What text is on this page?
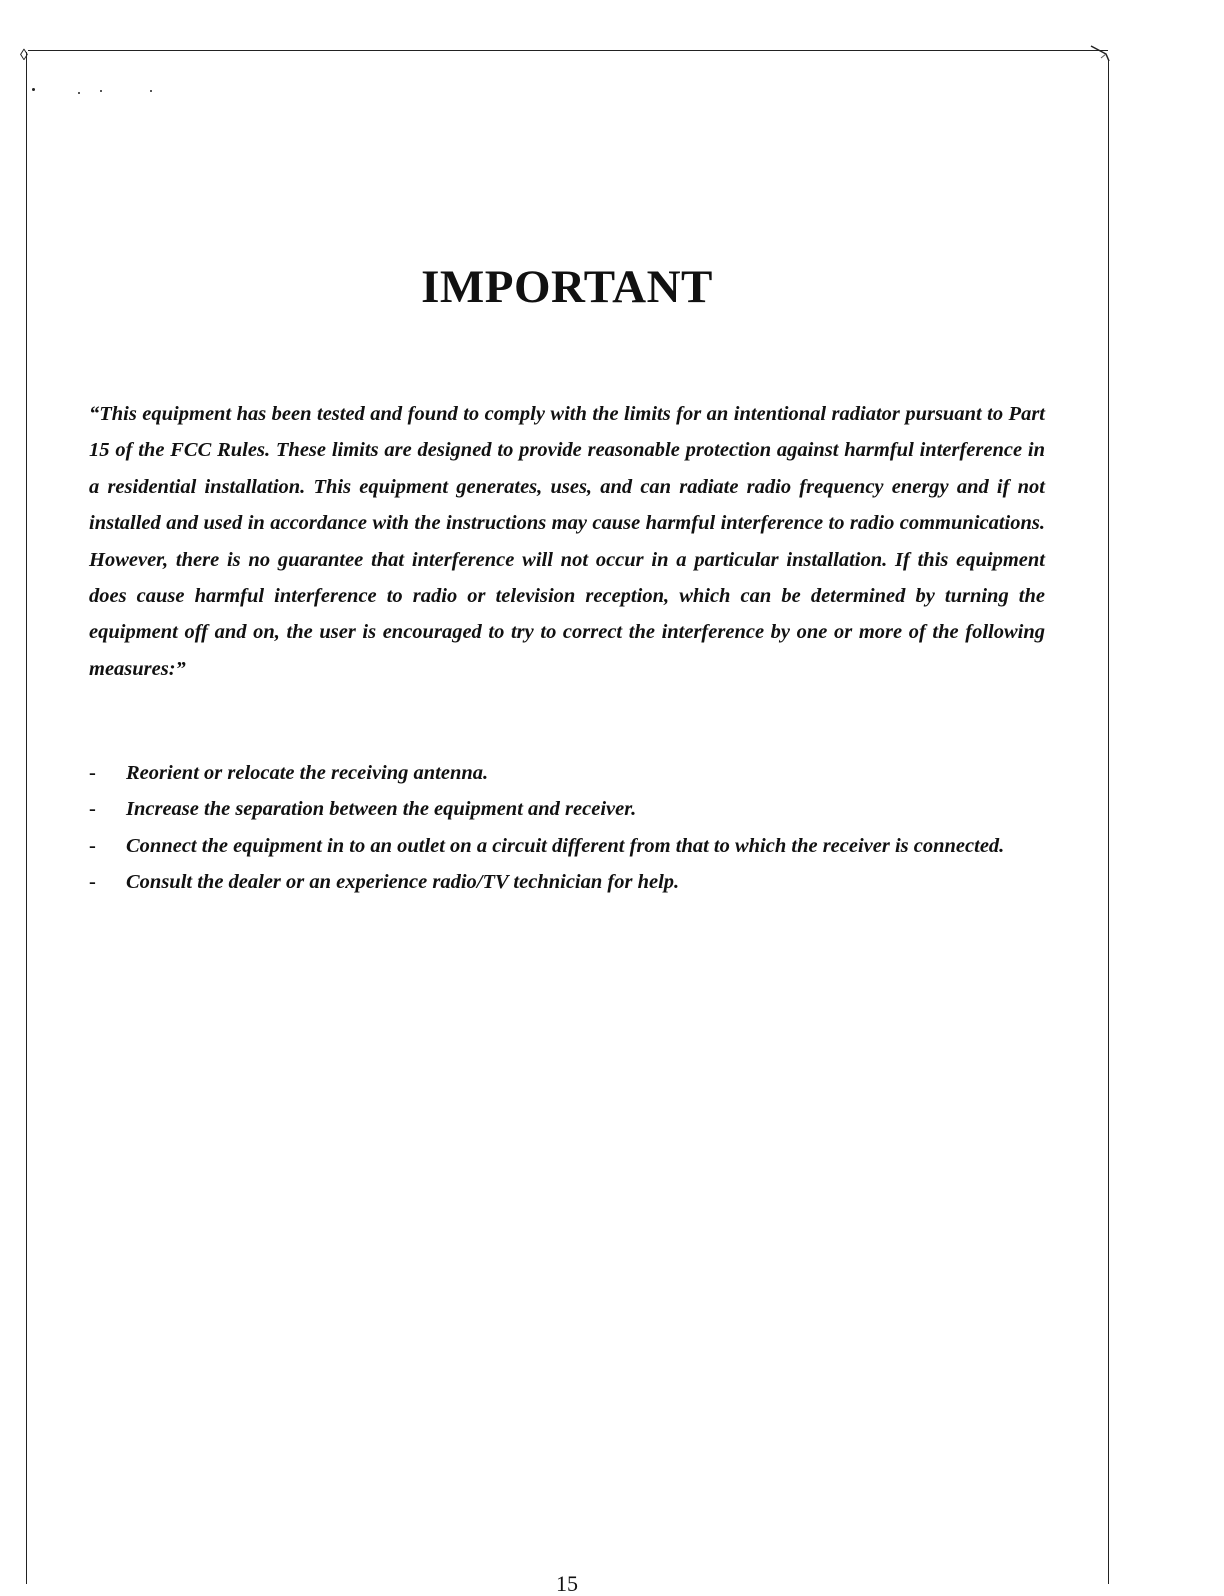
◊
IMPORTANT

“This equipment has been tested and found to comply with the limits for an intentional radiator pursuant to Part 15 of the FCC Rules. These limits are designed to provide reasonable protection against harmful interference in a residential installation. This equipment generates, uses, and can radiate radio frequency energy and if not installed and used in accordance with the instructions may cause harmful interference to radio communications. However, there is no guarantee that interference will not occur in a particular installation. If this equipment does cause harmful interference to radio or television reception, which can be determined by turning the equipment off and on, the user is encouraged to try to correct the interference by one or more of the following measures:”

- Reorient or relocate the receiving antenna.
- Increase the separation between the equipment and receiver.
- Connect the equipment in to an outlet on a circuit different from that to which the receiver is connected.
- Consult the dealer or an experience radio/TV technician for help.
15
